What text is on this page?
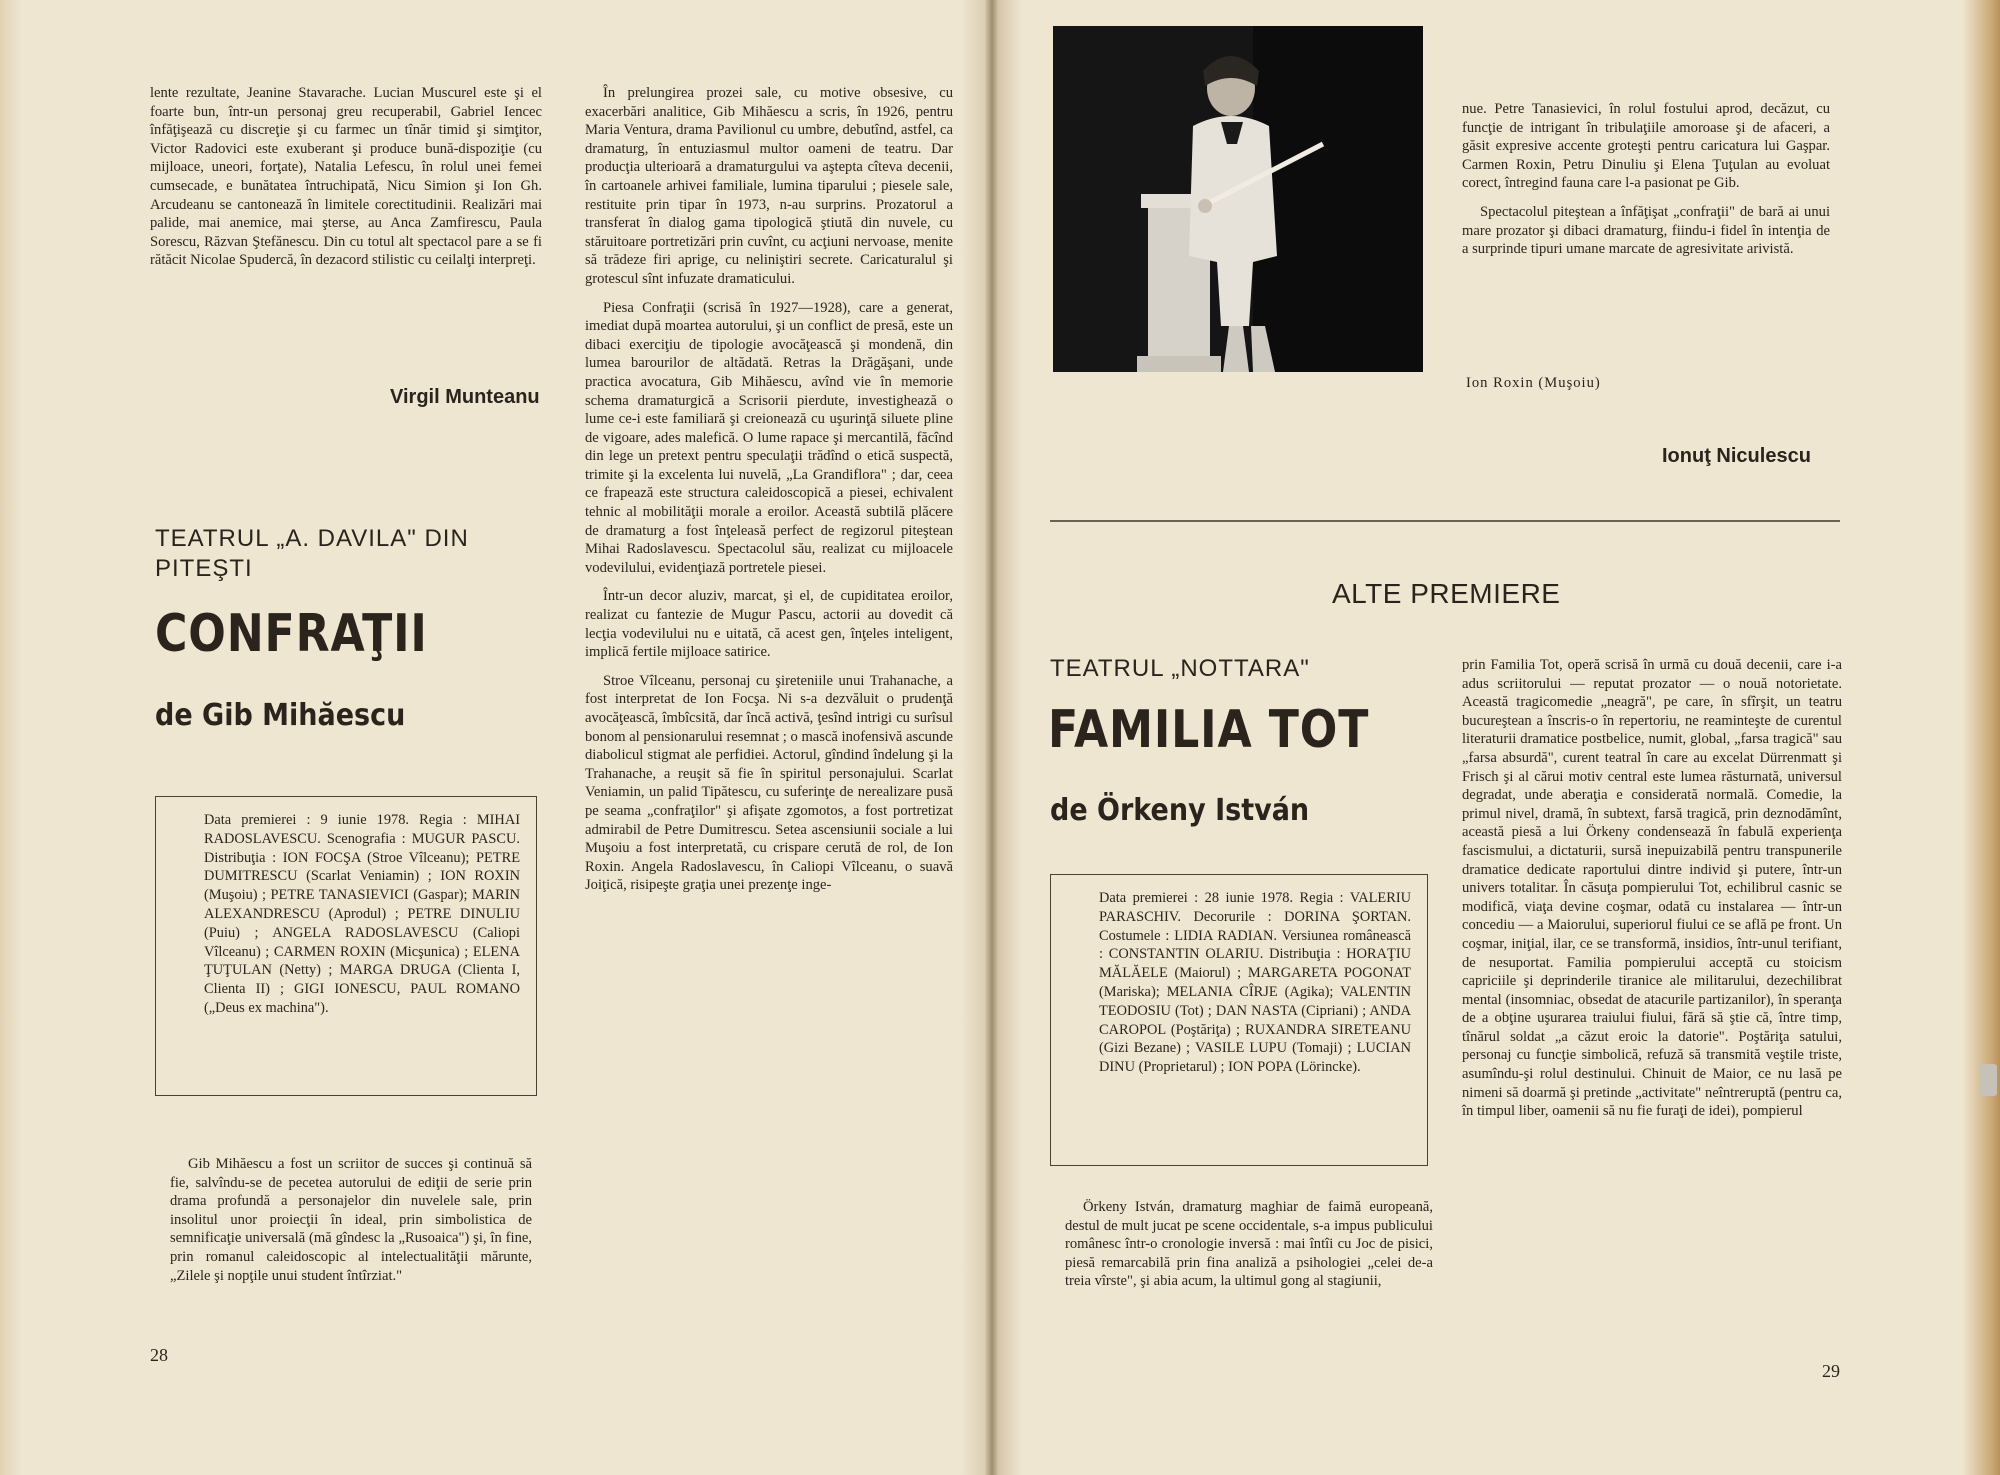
lente rezultate, Jeanine Stavarache. Lucian Muscurel este şi el foarte bun, într-un personaj greu recuperabil, Gabriel Iencec înfăţişează cu discreţie şi cu farmec un tînăr timid şi simţitor, Victor Radovici este exuberant şi produce bună-dispoziţie (cu mijloace, uneori, forţate), Natalia Lefescu, în rolul unei femei cumsecade, e bunătatea întruchipată, Nicu Simion şi Ion Gh. Arcudeanu se cantonează în limitele corectitudinii. Realizări mai palide, mai anemice, mai şterse, au Anca Zamfirescu, Paula Sorescu, Răzvan Ştefănescu. Din cu totul alt spectacol pare a se fi rătăcit Nicolae Spudercă, în dezacord stilistic cu ceilalţi interpreţi.

Virgil Munteanu
TEATRUL „A. DAVILA" DIN PITEŞTI
CONFRAŢII
de Gib Mihăescu
Data premierei : 9 iunie 1978. Regia : MIHAI RADOSLAVESCU. Scenografia : MUGUR PASCU. Distribuţia : ION FOCŞA (Stroe Vîlceanu); PETRE DUMITRESCU (Scarlat Veniamin) ; ION ROXIN (Muşoiu) ; PETRE TANASIEVICI (Gaspar); MARIN ALEXANDRESCU (Aprodul) ; PETRE DINULIU (Puiu) ; ANGELA RADOSLAVESCU (Caliopi Vîlceanu) ; CARMEN ROXIN (Micşunica) ; ELENA ŢUŢULAN (Netty) ; MARGA DRUGA (Clienta I, Clienta II) ; GIGI IONESCU, PAUL ROMANO („Deus ex machina").

Gib Mihăescu a fost un scriitor de succes şi continuă să fie, salvîndu-se de pecetea autorului de ediţii de serie prin drama profundă a personajelor din nuvelele sale, prin insolitul unor proiecţii în ideal, prin simbolistica de semnificaţie universală (mă gîndesc la „Rusoaica") şi, în fine, prin romanul caleidoscopic al intelectualităţii mărunte, „Zilele şi nopţile unui student întîrziat."

În prelungirea prozei sale, cu motive obsesive, cu exacerbări analitice, Gib Mihăescu a scris, în 1926, pentru Maria Ventura, drama Pavilionul cu umbre, debutînd, astfel, ca dramaturg, în entuziasmul multor oameni de teatru. Dar producţia ulterioară a dramaturgului va aştepta cîteva decenii, în cartoanele arhivei familiale, lumina tiparului ; piesele sale, restituite prin tipar în 1973, n-au surprins. Prozatorul a transferat în dialog gama tipologică ştiută din nuvele, cu stăruitoare portretizări prin cuvînt, cu acţiuni nervoase, menite să trădeze firi aprige, cu neliniştiri secrete. Caricaturalul şi grotescul sînt infuzate dramaticului.

Piesa Confraţii (scrisă în 1927—1928), care a generat, imediat după moartea autorului, şi un conflict de presă, este un dibaci exerciţiu de tipologie avocăţească şi mondenă, din lumea barourilor de altădată. Retras la Drăgăşani, unde practica avocatura, Gib Mihăescu, avînd vie în memorie schema dramaturgică a Scrisorii pierdute, investighează o lume ce-i este familiară şi creionează cu uşurinţă siluete pline de vigoare, ades malefică. O lume rapace şi mercantilă, făcînd din lege un pretext pentru speculaţii trădînd o etică suspectă, trimite şi la excelenta lui nuvelă, „La Grandiflora" ; dar, ceea ce frapează este structura caleidoscopică a piesei, echivalent tehnic al mobilităţii morale a eroilor. Această subtilă plăcere de dramaturg a fost înţeleasă perfect de regizorul piteştean Mihai Radoslavescu. Spectacolul său, realizat cu mijloacele vodevilului, evidenţiază portretele piesei.

Într-un decor aluziv, marcat, şi el, de cupiditatea eroilor, realizat cu fantezie de Mugur Pascu, actorii au dovedit că lecţia vodevilului nu e uitată, că acest gen, înţeles inteligent, implică fertile mijloace satirice.

Stroe Vîlceanu, personaj cu şireteniile unui Trahanache, a fost interpretat de Ion Focşa. Ni s-a dezvăluit o prudenţă avocăţească, îmbîcsită, dar încă activă, ţesînd intrigi cu surîsul bonom al pensionarului resemnat ; o mască inofensivă ascunde diabolicul stigmat ale perfidiei. Actorul, gîndind îndelung şi la Trahanache, a reuşit să fie în spiritul personajului. Scarlat Veniamin, un palid Tipătescu, cu suferinţe de nerealizare pusă pe seama „confraţilor" şi afişate zgomotos, a fost portretizat admirabil de Petre Dumitrescu. Setea ascensiunii sociale a lui Muşoiu a fost interpretată, cu crispare cerută de rol, de Ion Roxin. Angela Radoslavescu, în Caliopi Vîlceanu, o suavă Joiţică, risipeşte graţia unei prezenţe inge-

28
Ion Roxin (Muşoiu)

nue. Petre Tanasievici, în rolul fostului aprod, decăzut, cu funcţie de intrigant în tribulaţiile amoroase şi de afaceri, a găsit expresive accente groteşti pentru caricatura lui Gaşpar. Carmen Roxin, Petru Dinuliu şi Elena Ţuţulan au evoluat corect, întregind fauna care l-a pasionat pe Gib.

Spectacolul piteştean a înfăţişat „confraţii" de bară ai unui mare prozator şi dibaci dramaturg, fiindu-i fidel în intenţia de a surprinde tipuri umane marcate de agresivitate arivistă.

Ionuţ Niculescu
ALTE PREMIERE
TEATRUL „NOTTARA"
FAMILIA TOT
de Örkeny István
Data premierei : 28 iunie 1978. Regia : VALERIU PARASCHIV. Decorurile : DORINA ŞORTAN. Costumele : LIDIA RADIAN. Versiunea românească : CONSTANTIN OLARIU. Distribuţia : HORAŢIU MĂLĂELE (Maiorul) ; MARGARETA POGONAT (Mariska); MELANIA CÎRJE (Agika); VALENTIN TEODOSIU (Tot) ; DAN NASTA (Cipriani) ; ANDA CAROPOL (Poştăriţa) ; RUXANDRA SIRETEANU (Gizi Bezane) ; VASILE LUPU (Tomaji) ; LUCIAN DINU (Proprietarul) ; ION POPA (Lörincke).

Örkeny István, dramaturg maghiar de faimă europeană, destul de mult jucat pe scene occidentale, s-a impus publicului românesc într-o cronologie inversă : mai întîi cu Joc de pisici, piesă remarcabilă prin fina analiză a psihologiei „celei de-a treia vîrste", şi abia acum, la ultimul gong al stagiunii,

prin Familia Tot, operă scrisă în urmă cu două decenii, care i-a adus scriitorului — reputat prozator — o nouă notorietate. Această tragicomedie „neagră", pe care, în sfîrşit, un teatru bucureştean a înscris-o în repertoriu, ne reaminteşte de curentul literaturii dramatice postbelice, numit, global, „farsa tragică" sau „farsa absurdă", curent teatral în care au excelat Dürrenmatt şi Frisch şi al cărui motiv central este lumea răsturnată, universul degradat, unde aberaţia e considerată normală. Comedie, la primul nivel, dramă, în subtext, farsă tragică, prin deznodămînt, această piesă a lui Örkeny condensează în fabulă experienţa fascismului, a dictaturii, sursă inepuizabilă pentru transpunerile dramatice dedicate raportului dintre individ şi putere, într-un univers totalitar. În căsuţa pompierului Tot, echilibrul casnic se modifică, viaţa devine coşmar, odată cu instalarea — într-un concediu — a Maiorului, superiorul fiului ce se află pe front. Un coşmar, iniţial, ilar, ce se transformă, insidios, într-unul terifiant, de nesuportat. Familia pompierului acceptă cu stoicism capriciile şi deprinderile tiranice ale militarului, dezechilibrat mental (insomniac, obsedat de atacurile partizanilor), în speranţa de a obţine uşurarea traiului fiului, fără să ştie că, între timp, tînărul soldat „a căzut eroic la datorie". Poştăriţa satului, personaj cu funcţie simbolică, refuză să transmită veştile triste, asumîndu-şi rolul destinului. Chinuit de Maior, ce nu lasă pe nimeni să doarmă şi pretinde „activitate" neîntreruptă (pentru ca, în timpul liber, oamenii să nu fie furaţi de idei), pompierul

29
